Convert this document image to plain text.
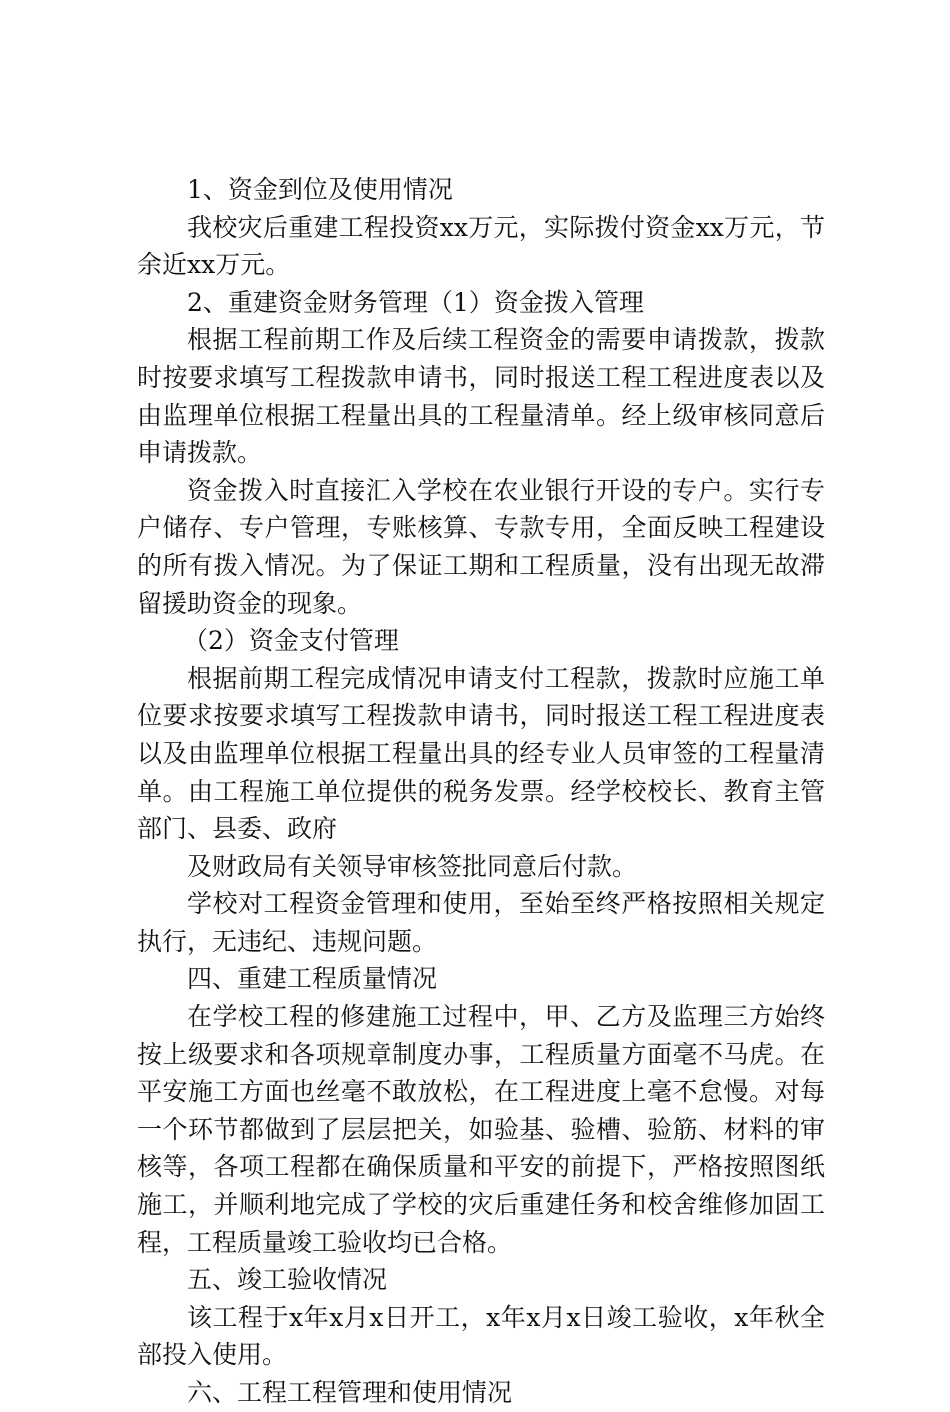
1、资金到位及使用情况

我校灾后重建工程投资xx万元，实际拨付资金xx万元，节余近xx万元。

2、重建资金财务管理（1）资金拨入管理

根据工程前期工作及后续工程资金的需要申请拨款，拨款时按要求填写工程拨款申请书，同时报送工程工程进度表以及由监理单位根据工程量出具的工程量清单。经上级审核同意后申请拨款。

资金拨入时直接汇入学校在农业银行开设的专户。实行专户储存、专户管理，专账核算、专款专用，全面反映工程建设的所有拨入情况。为了保证工期和工程质量，没有出现无故滞留援助资金的现象。

（2）资金支付管理

根据前期工程完成情况申请支付工程款，拨款时应施工单位要求按要求填写工程拨款申请书，同时报送工程工程进度表以及由监理单位根据工程量出具的经专业人员审签的工程量清单。由工程施工单位提供的税务发票。经学校校长、教育主管部门、县委、政府

及财政局有关领导审核签批同意后付款。

学校对工程资金管理和使用，至始至终严格按照相关规定执行，无违纪、违规问题。

四、重建工程质量情况

在学校工程的修建施工过程中，甲、乙方及监理三方始终按上级要求和各项规章制度办事，工程质量方面毫不马虎。在平安施工方面也丝毫不敢放松，在工程进度上毫不怠慢。对每一个环节都做到了层层把关，如验基、验槽、验筋、材料的审核等，各项工程都在确保质量和平安的前提下，严格按照图纸施工，并顺利地完成了学校的灾后重建任务和校舍维修加固工程，工程质量竣工验收均已合格。

五、竣工验收情况

该工程于x年x月x日开工，x年x月x日竣工验收，x年秋全部投入使用。

六、工程工程管理和使用情况
